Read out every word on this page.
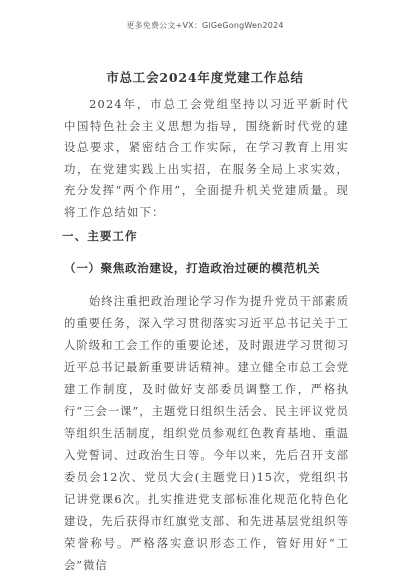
更多免费公文+VX：GlGeGongWen2024
市总工会2024年度党建工作总结

2024年，市总工会党组坚持以习近平新时代中国特色社会主义思想为指导，围绕新时代党的建设总要求，紧密结合工作实际，在学习教育上用实功，在党建实践上出实招，在服务全局上求实效，充分发挥“两个作用”，全面提升机关党建质量。现将工作总结如下：

一、主要工作
（一）聚焦政治建设，打造政治过硬的模范机关

始终注重把政治理论学习作为提升党员干部素质的重要任务，深入学习贯彻落实习近平总书记关于工人阶级和工会工作的重要论述，及时跟进学习贯彻习近平总书记最新重要讲话精神。建立健全市总工会党建工作制度，及时做好支部委员调整工作，严格执行“三会一课”，主题党日组织生活会、民主评议党员等组织生活制度，组织党员参观红色教育基地、重温入党誓词、过政治生日等。今年以来，先后召开支部委员会12次、党员大会(主题党日)15次，党组织书记讲党课6次。扎实推进党支部标准化规范化特色化建设，先后获得市红旗党支部、和先进基层党组织等荣誉称号。严格落实意识形态工作，管好用好“工会”微信
